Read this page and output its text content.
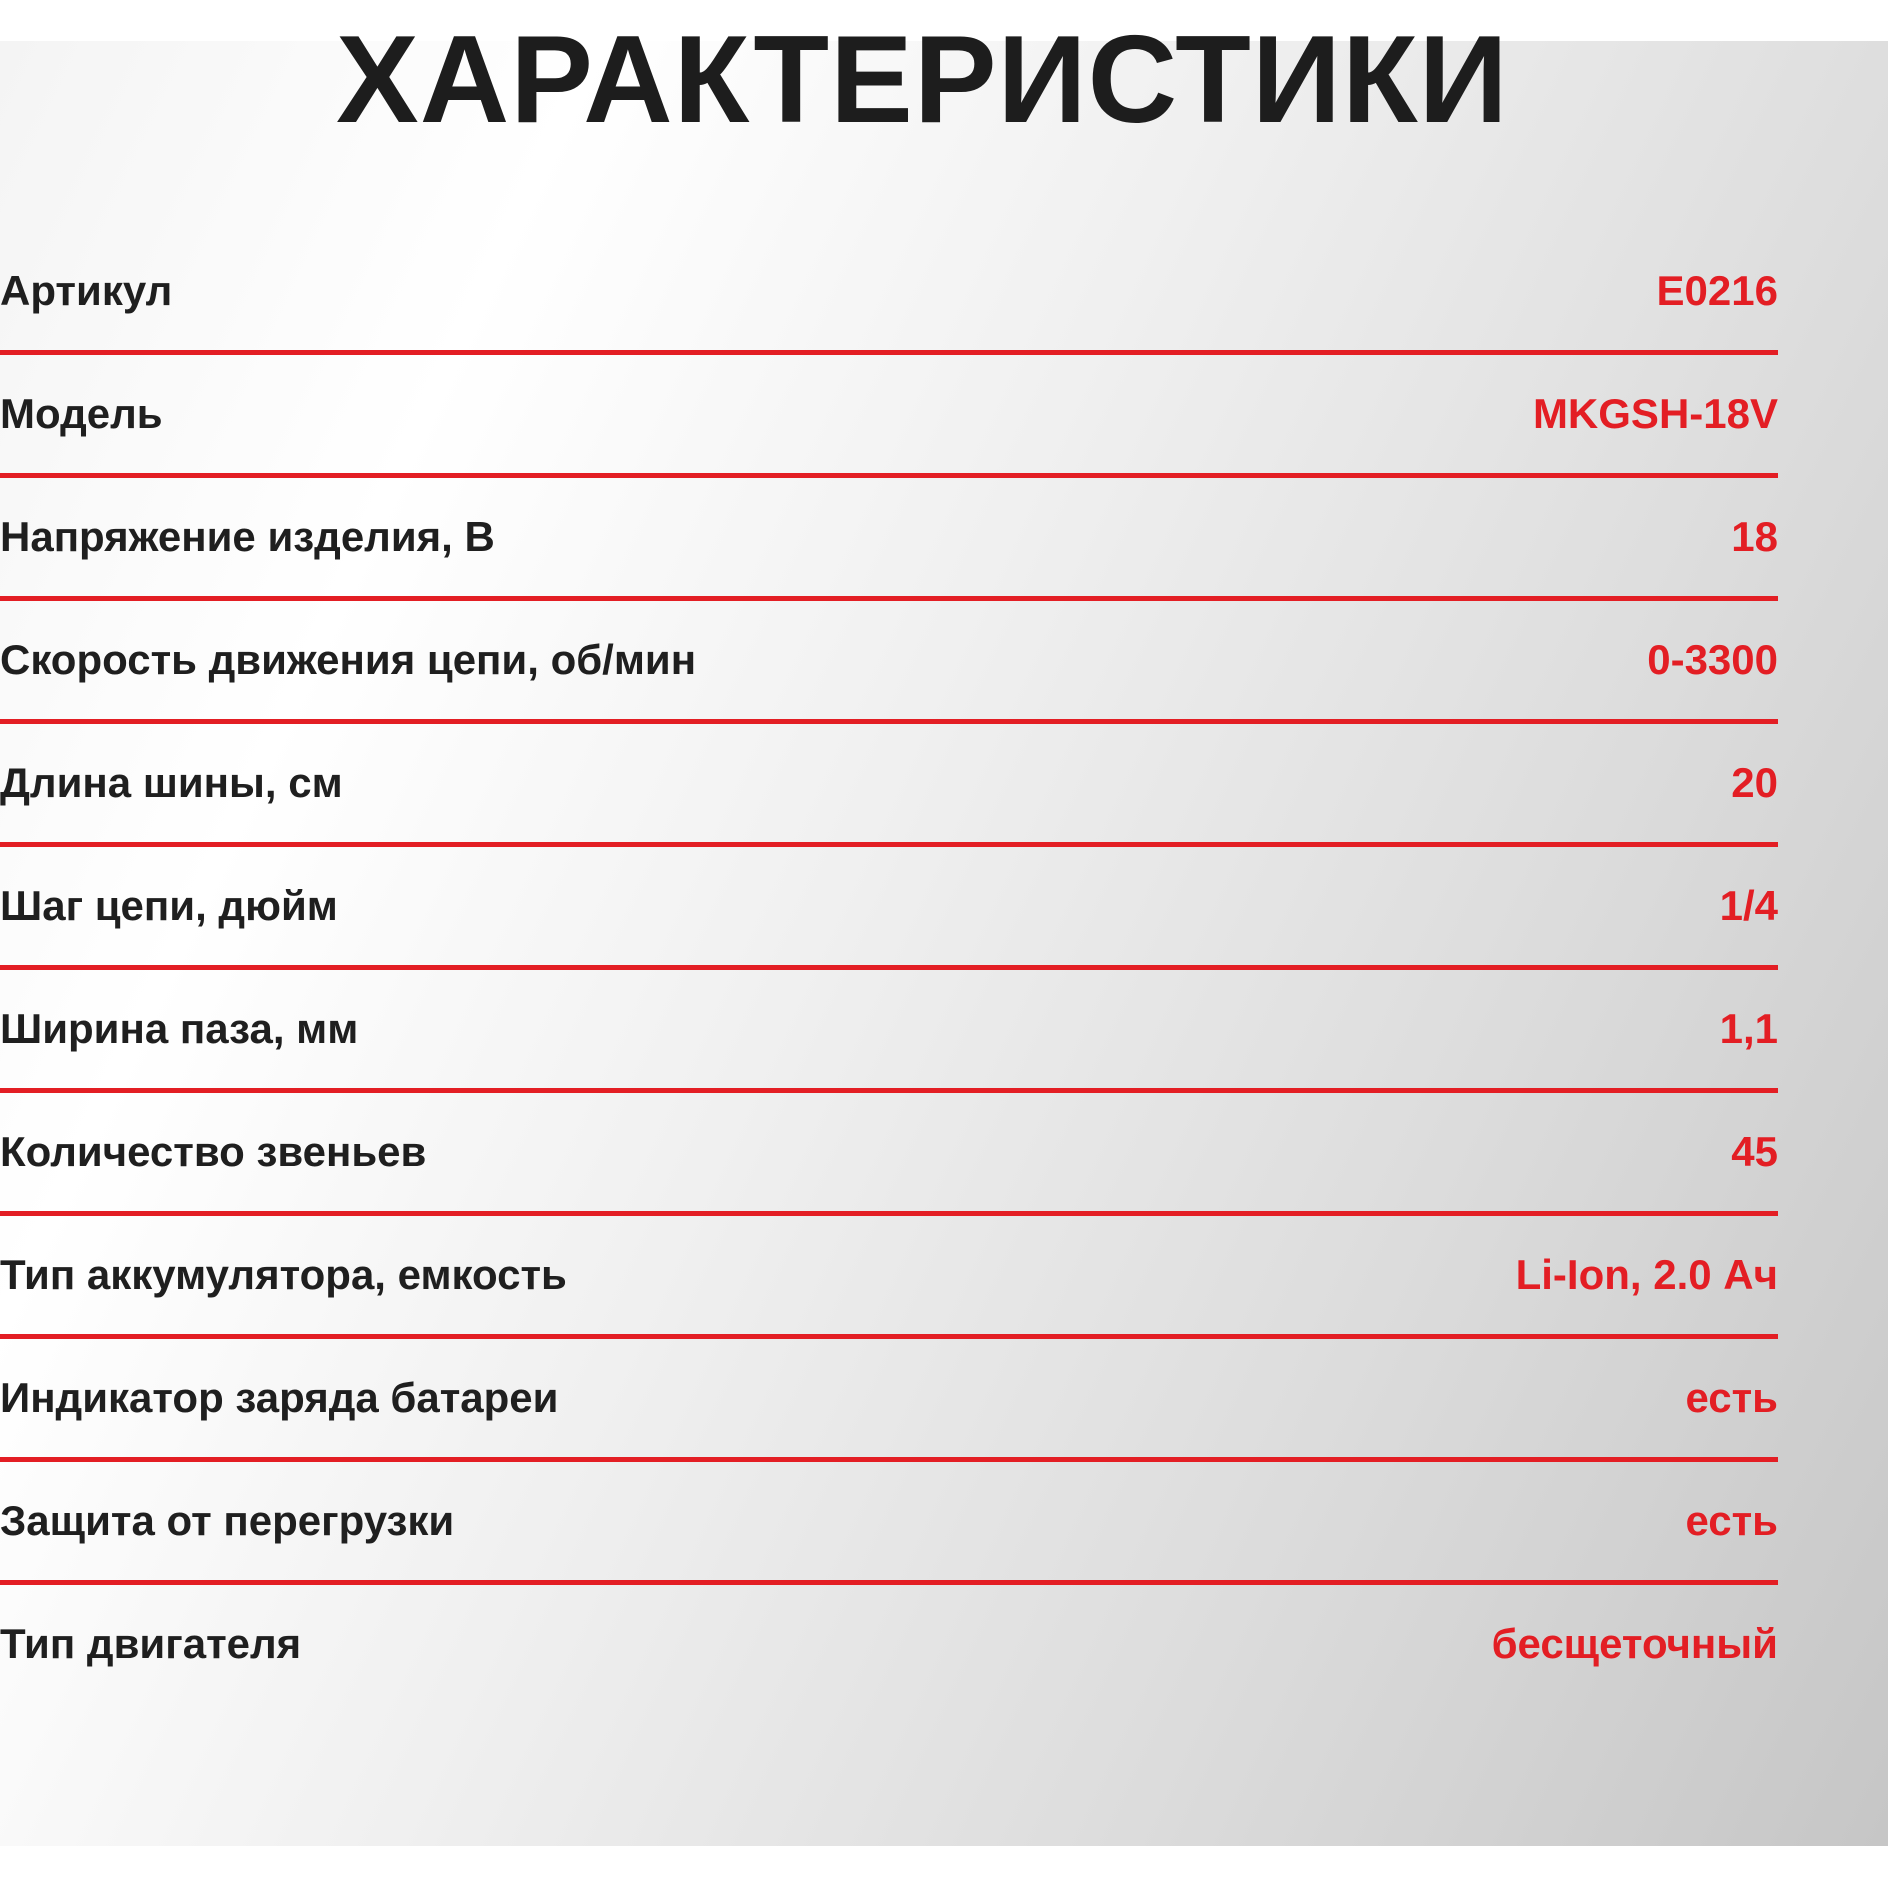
ХАРАКТЕРИСТИКИ
Артикул	E0216
Модель	MKGSH-18V
Напряжение изделия, В	18
Скорость движения цепи, об/мин	0-3300
Длина шины, см	20
Шаг цепи, дюйм	1/4
Ширина паза, мм	1,1
Количество звеньев	45
Тип аккумулятора, емкость	Li-Ion, 2.0 Ач
Индикатор заряда батареи	есть
Защита от перегрузки	есть
Тип двигателя	бесщеточный
